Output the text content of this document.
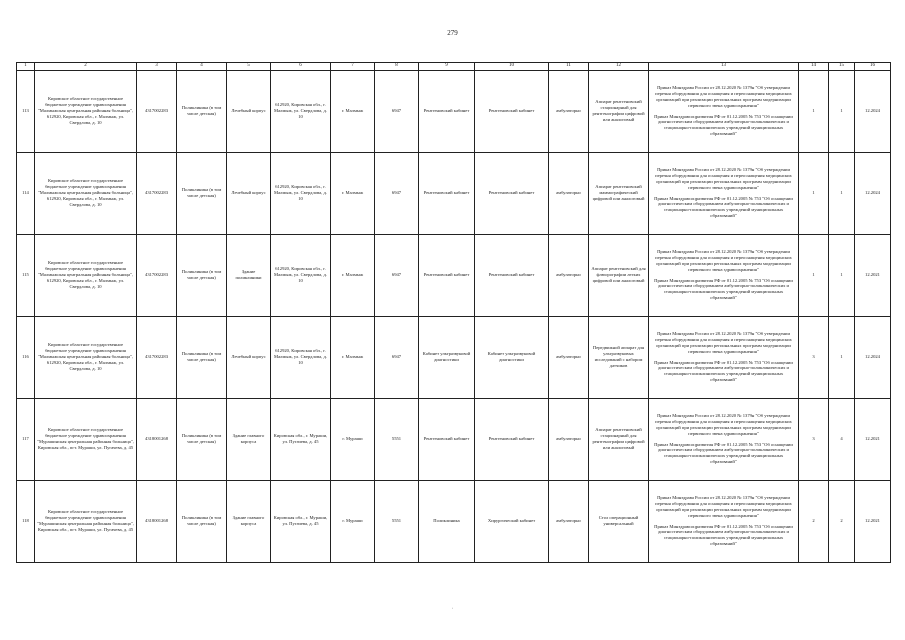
279
1	2	3	4	5	6	7	8	9	10	11	12	13	14	15	16
113	Кировское областное государственное бюджетное учреждение здравоохранения "Малмыжская центральная районная больница", 612920, Кировская обл., г. Малмыж, ул. Свердлова, д. 10	4317002283	Поликлиника (в том числе детская)	Лечебный корпус	612920, Кировская обл., г. Малмыж, ул. Свердлова, д. 10	г. Малмыж	6947	Рентгеновский кабинет	Рентгеновский кабинет	амбулаторно	Аппарат рентгеновский стационарный для рентгенографии цифровой или аналоговый	Приказ Минздрава России от 28.12.2020 № 1379н "Об утверждении перечня оборудования для оснащения и переоснащения медицинских организаций при реализации региональных программ модернизации первичного звена здравоохранения"

Приказ Минздравсоцразвития РФ от 01.12.2005 № 753 "Об оснащении диагностическим оборудованием амбулаторно-поликлинических и стационарно-поликлинических учреждений муниципальных образований"	1	1	12.2024
114	Кировское областное государственное бюджетное учреждение здравоохранения "Малмыжская центральная районная больница", 612920, Кировская обл., г. Малмыж, ул. Свердлова, д. 10	4317002283	Поликлиника (в том числе детская)	Лечебный корпус	612920, Кировская обл., г. Малмыж, ул. Свердлова, д. 10	г. Малмыж	6947	Рентгеновский кабинет	Рентгеновский кабинет	амбулаторно	Аппарат рентгеновский маммографический цифровой или аналоговый	Приказ Минздрава России от 28.12.2020 № 1379н "Об утверждении перечня оборудования для оснащения и переоснащения медицинских организаций при реализации региональных программ модернизации первичного звена здравоохранения"

Приказ Минздравсоцразвития РФ от 01.12.2005 № 753 "Об оснащении диагностическим оборудованием амбулаторно-поликлинических и стационарно-поликлинических учреждений муниципальных образований"	1	1	12.2024
115	Кировское областное государственное бюджетное учреждение здравоохранения "Малмыжская центральная районная больница", 612920, Кировская обл., г. Малмыж, ул. Свердлова, д. 10	4317002283	Поликлиника (в том числе детская)	Здание поликлиники	612920, Кировская обл., г. Малмыж, ул. Свердлова, д. 10	г. Малмыж	6947	Рентгеновский кабинет	Рентгеновский кабинет	амбулаторно	Аппарат рентгеновский для флюорографии легких цифровой или аналоговый	Приказ Минздрава России от 28.12.2020 № 1379н "Об утверждении перечня оборудования для оснащения и переоснащения медицинских организаций при реализации региональных программ модернизации первичного звена здравоохранения"

Приказ Минздравсоцразвития РФ от 01.12.2005 № 753 "Об оснащении диагностическим оборудованием амбулаторно-поликлинических и стационарно-поликлинических учреждений муниципальных образований"	1	1	12.2021
116	Кировское областное государственное бюджетное учреждение здравоохранения "Малмыжская центральная районная больница", 612920, Кировская обл., г. Малмыж, ул. Свердлова, д. 10	4317002283	Поликлиника (в том числе детская)	Лечебный корпус	612920, Кировская обл., г. Малмыж, ул. Свердлова, д. 10	г. Малмыж	6947	Кабинет ультразвуковой диагностики	Кабинет ультразвуковой диагностики	амбулаторно	Передвижной аппарат для ультразвуковых исследований с набором датчиков	Приказ Минздрава России от 28.12.2020 № 1379н "Об утверждении перечня оборудования для оснащения и переоснащения медицинских организаций при реализации региональных программ модернизации первичного звена здравоохранения"

Приказ Минздравсоцразвития РФ от 01.12.2005 № 753 "Об оснащении диагностическим оборудованием амбулаторно-поликлинических и стационарно-поликлинических учреждений муниципальных образований"	3	1	12.2024
117	Кировское областное государственное бюджетное учреждение здравоохранения "Мурашинская центральная районная больница", Кировская обл., пгт. Мураши, ул. Пугачева, д. 45	4318001268	Поликлиника (в том числе детская)	Здание главного корпуса	Кировская обл., г. Мураши, ул. Пугачева, д. 45	г. Мураши	5551	Рентгеновский кабинет	Рентгеновский кабинет	амбулаторно	Аппарат рентгеновский стационарный для рентгенографии цифровой или аналоговый	Приказ Минздрава России от 28.12.2020 № 1379н "Об утверждении перечня оборудования для оснащения и переоснащения медицинских организаций при реализации региональных программ модернизации первичного звена здравоохранения"

Приказ Минздравсоцразвития РФ от 01.12.2005 № 753 "Об оснащении диагностическим оборудованием амбулаторно-поликлинических и стационарно-поликлинических учреждений муниципальных образований"	3	4	12.2021
118	Кировское областное государственное бюджетное учреждение здравоохранения "Мурашинская центральная районная больница", Кировская обл., пгт. Мураши, ул. Пугачева, д. 45	4318001268	Поликлиника (в том числе детская)	Здание главного корпуса	Кировская обл., г. Мураши, ул. Пугачева, д. 45	г. Мураши	5551	Поликлиника	Хирургический кабинет	амбулаторно	Стол операционный универсальный	Приказ Минздрава России от 28.12.2020 № 1379н "Об утверждении перечня оборудования для оснащения и переоснащения медицинских организаций при реализации региональных программ модернизации первичного звена здравоохранения"

Приказ Минздравсоцразвития РФ от 01.12.2005 № 753 "Об оснащении диагностическим оборудованием амбулаторно-поликлинических и стационарно-поликлинических учреждений муниципальных образований"	2	2	12.2021
·
